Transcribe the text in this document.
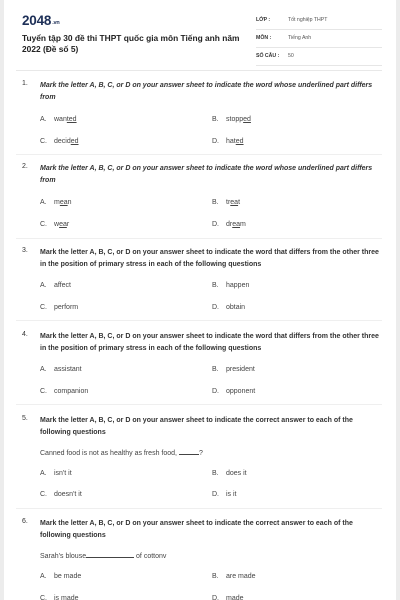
2048.vn
Tuyển tập 30 đề thi THPT quốc gia môn Tiếng anh năm 2022 (Đề số 5)
LỚP :	Tốt nghiệp THPT
MÔN :	Tiếng Anh
SỐ CÂU : 50
1. Mark the letter A, B, C, or D on your answer sheet to indicate the word whose underlined part differs from
A. wanted	B. stopped
C. decided	D. hated
2. Mark the letter A, B, C, or D on your answer sheet to indicate the word whose underlined part differs from
A. mean	B. treat
C. wear	D. dream
3. Mark the letter A, B, C, or D on your answer sheet to indicate the word that differs from the other three in the position of primary stress in each of the following questions
A. affect	B. happen
C. perform	D. obtain
4. Mark the letter A, B, C, or D on your answer sheet to indicate the word that differs from the other three in the position of primary stress in each of the following questions
A. assistant	B. president
C. companion	D. opponent
5. Mark the letter A, B, C, or D on your answer sheet to indicate the correct answer to each of the following questions
Canned food is not as healthy as fresh food,	?
A. isn't it	B. does it
C. doesn't it	D. is it
6. Mark the letter A, B, C, or D on your answer sheet to indicate the correct answer to each of the following questions
Sarah's blouse	of cottonv
A. be made	B. are made
C. is made	D. made
